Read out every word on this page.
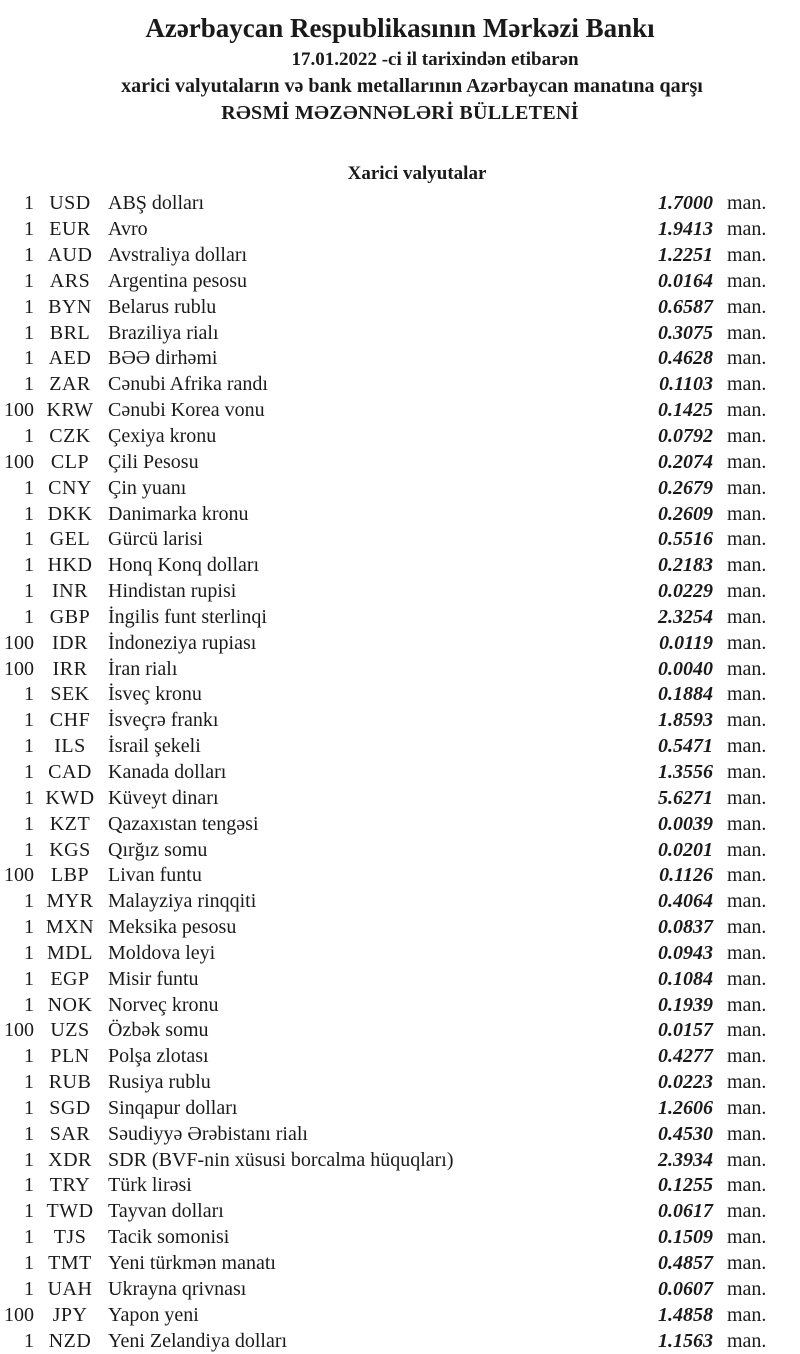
Azərbaycan Respublikasının Mərkəzi Bankı
17.01.2022 -ci il tarixindən etibarən
xarici valyutaların və bank metallarının Azərbaycan manatına qarşı
RƏSMİ MƏZƏNNƏLƏRİ BÜLLETENİ
Xarici valyutalar
1 USD ABŞ dolları	1.7000 man.
1 EUR Avro	1.9413 man.
1 AUD Avstraliya dolları	1.2251 man.
1 ARS Argentina pesosu	0.0164 man.
1 BYN Belarus rublu	0.6587 man.
1 BRL Braziliya rialı	0.3075 man.
1 AED BƏƏ dirhəmi	0.4628 man.
1 ZAR Cənubi Afrika randı	0.1103 man.
100 KRW Cənubi Korea vonu	0.1425 man.
1 CZK Çexiya kronu	0.0792 man.
100 CLP Çili Pesosu	0.2074 man.
1 CNY Çin yuanı	0.2679 man.
1 DKK Danimarka kronu	0.2609 man.
1 GEL Gürcü larisi	0.5516 man.
1 HKD Honq Konq dolları	0.2183 man.
1 INR	Hindistan rupisi	0.0229 man.
1 GBP İngilis funt sterlinqi	2.3254 man.
100 IDR	İndoneziya rupiası	0.0119 man.
100 IRR	İran rialı	0.0040 man.
1 SEK İsveç kronu	0.1884 man.
1 CHF İsveçrə frankı	1.8593 man.
1	ILS	İsrail şekeli	0.5471 man.
1 CAD Kanada dolları	1.3556 man.
1 KWD Küveyt dinarı	5.6271 man.
1 KZT Qazaxıstan tengəsi	0.0039 man.
1 KGS Qırğız somu	0.0201 man.
100 LBP Livan funtu	0.1126 man.
1 MYR Malayziya rinqqiti	0.4064 man.
1 MXN Meksika pesosu	0.0837 man.
1 MDL Moldova leyi	0.0943 man.
1 EGP Misir funtu	0.1084 man.
1 NOK Norveç kronu	0.1939 man.
100 UZS Özbək somu	0.0157 man.
1 PLN Polşa zlotası	0.4277 man.
1 RUB Rusiya rublu	0.0223 man.
1 SGD Sinqapur dolları	1.2606 man.
1 SAR Səudiyyə Ərəbistanı rialı	0.4530 man.
1 XDR SDR (BVF-nin xüsusi borcalma hüquqları)	2.3934 man.
1 TRY Türk lirəsi	0.1255 man.
1 TWD Tayvan dolları	0.0617 man.
1 TJS	Tacik somonisi	0.1509 man.
1 TMT Yeni türkmən manatı	0.4857 man.
1 UAH Ukrayna qrivnası	0.0607 man.
100 JPY	Yapon yeni	1.4858 man.
1 NZD Yeni Zelandiya dolları	1.1563 man.
